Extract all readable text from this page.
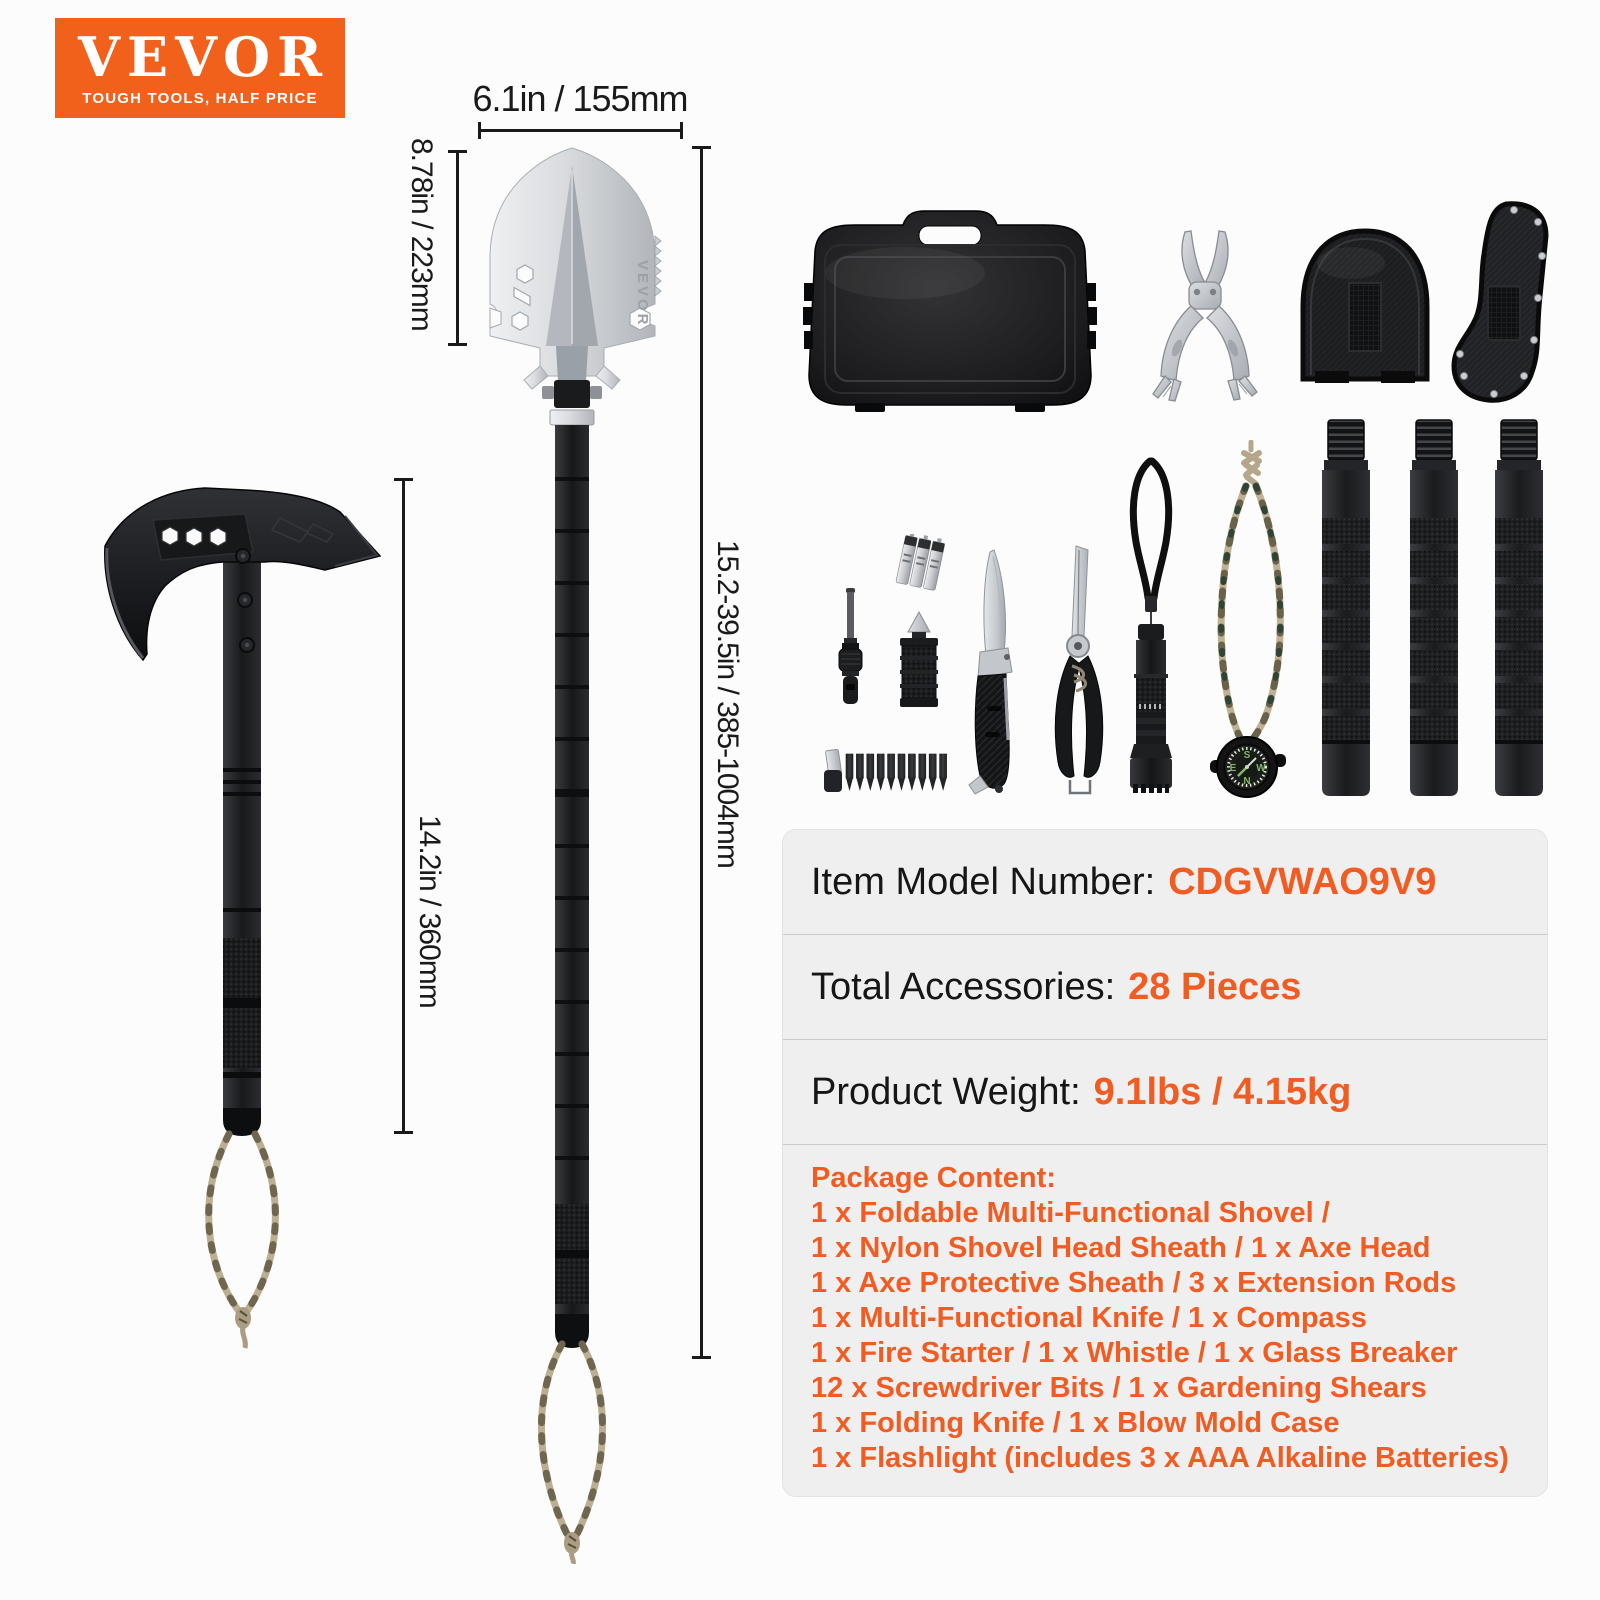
VEVOR
TOUGH TOOLS, HALF PRICE	6.1in / 155mm
8.78in / 223mm
15.2-39.5in / 385-1004mm
14.2in / 360mm
VEVOR
S
W
N
E
Item Model Number: CDGVWAO9V9
Total Accessories: 28 Pieces
Product Weight: 9.1lbs / 4.15kg
Package Content:
1 x Foldable Multi-Functional Shovel /
1 x Nylon Shovel Head Sheath / 1 x Axe Head
1 x Axe Protective Sheath / 3 x Extension Rods
1 x Multi-Functional Knife / 1 x Compass
1 x Fire Starter / 1 x Whistle / 1 x Glass Breaker
12 x Screwdriver Bits / 1 x Gardening Shears
1 x Folding Knife / 1 x Blow Mold Case
1 x Flashlight (includes 3 x AAA Alkaline Batteries)
